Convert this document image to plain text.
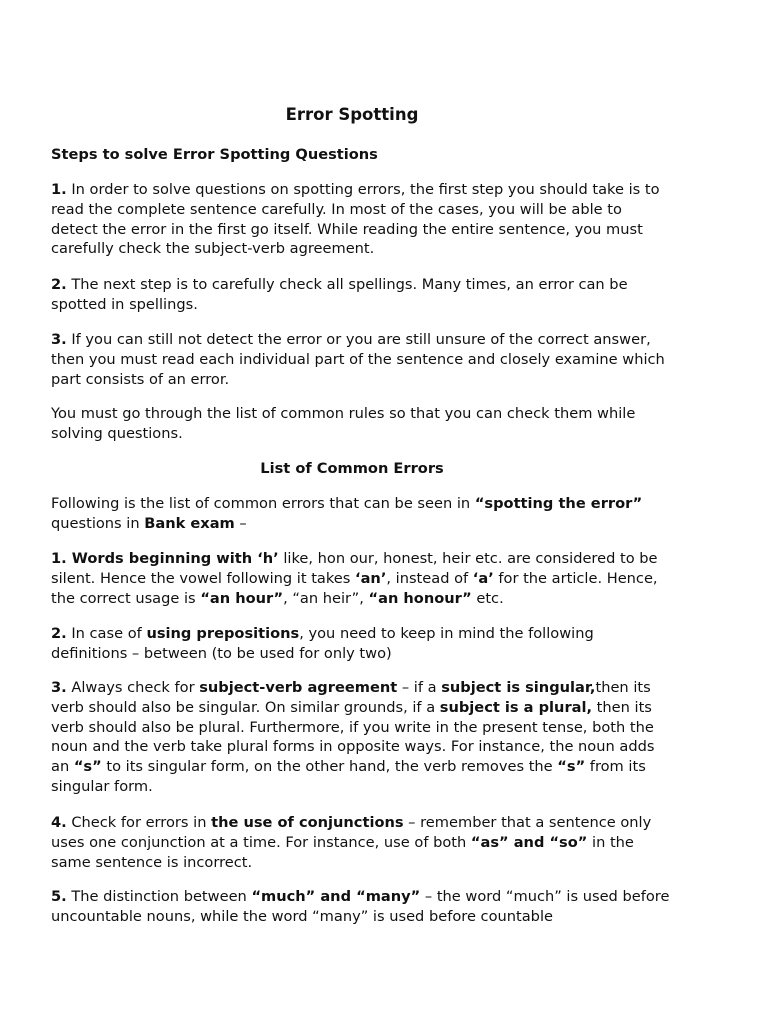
Error Spotting

Steps to solve Error Spotting Questions

1. In order to solve questions on spotting errors, the first step you should take is to read the complete sentence carefully. In most of the cases, you will be able to detect the error in the first go itself. While reading the entire sentence, you must carefully check the subject-verb agreement.

2. The next step is to carefully check all spellings. Many times, an error can be spotted in spellings.

3. If you can still not detect the error or you are still unsure of the correct answer, then you must read each individual part of the sentence and closely examine which part consists of an error.

You must go through the list of common rules so that you can check them while solving questions.

List of Common Errors

Following is the list of common errors that can be seen in “spotting the error” questions in Bank exam –

1. Words beginning with ‘h’ like, hon our, honest, heir etc. are considered to be silent. Hence the vowel following it takes ‘an’, instead of ‘a’ for the article. Hence, the correct usage is “an hour”, “an heir”, “an honour” etc.

2. In case of using prepositions, you need to keep in mind the following definitions – between (to be used for only two)

3. Always check for subject-verb agreement – if a subject is singular,then its verb should also be singular. On similar grounds, if a subject is a plural, then its verb should also be plural. Furthermore, if you write in the present tense, both the noun and the verb take plural forms in opposite ways. For instance, the noun adds an “s” to its singular form, on the other hand, the verb removes the “s” from its singular form.

4. Check for errors in the use of conjunctions – remember that a sentence only uses one conjunction at a time. For instance, use of both “as” and “so” in the same sentence is incorrect.

5. The distinction between “much” and “many” – the word “much” is used before uncountable nouns, while the word “many” is used before countable
